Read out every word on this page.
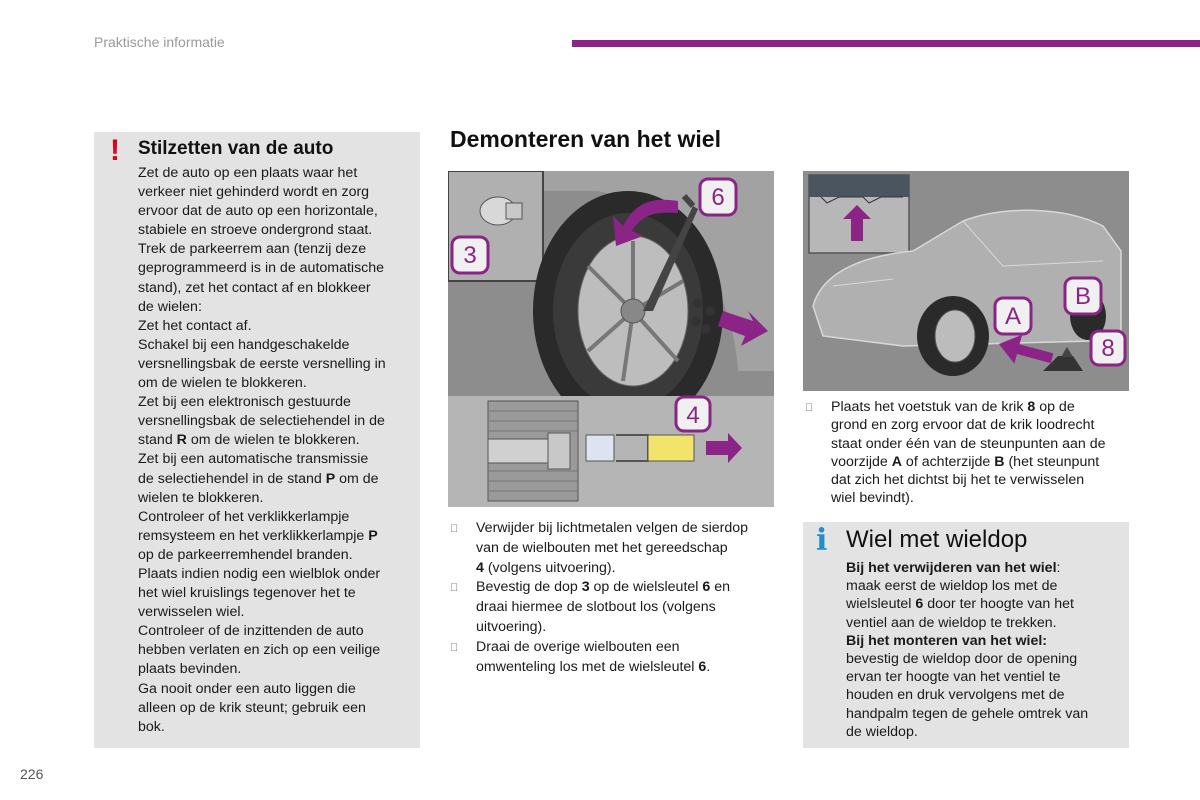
Praktische informatie
! Stilzetten van de auto
Zet de auto op een plaats waar het
verkeer niet gehinderd wordt en zorg
ervoor dat de auto op een horizontale,
stabiele en stroeve ondergrond staat.
Trek de parkeerrem aan (tenzij deze
geprogrammeerd is in de automatische
stand), zet het contact af en blokkeer
de wielen:
Zet het contact af.
Schakel bij een handgeschakelde
versnellingsbak de eerste versnelling in
om de wielen te blokkeren.
Zet bij een elektronisch gestuurde
versnellingsbak de selectiehendel in de
stand R om de wielen te blokkeren.
Zet bij een automatische transmissie
de selectiehendel in de stand P om de
wielen te blokkeren.
Controleer of het verklikkerlampje
remsysteem en het verklikkerlampje P
op de parkeerremhendel branden.
Plaats indien nodig een wielblok onder
het wiel kruislings tegenover het te
verwisselen wiel.
Controleer of de inzittenden de auto
hebben verlaten en zich op een veilige
plaats bevinden.
Ga nooit onder een auto liggen die
alleen op de krik steunt; gebruik een
bok.
Demonteren van het wiel
6
3
4
A
B
8
Verwijder bij lichtmetalen velgen de sierdop
van de wielbouten met het gereedschap
4 (volgens uitvoering).
Bevestig de dop 3 op de wielsleutel 6 en
draai hiermee de slotbout los (volgens
uitvoering).
Draai de overige wielbouten een
omwenteling los met de wielsleutel 6.
Plaats het voetstuk van de krik 8 op de
grond en zorg ervoor dat de krik loodrecht
staat onder één van de steunpunten aan de
voorzijde A of achterzijde B (het steunpunt
dat zich het dichtst bij het te verwisselen
wiel bevindt).
i Wiel met wieldop
Bij het verwijderen van het wiel:
maak eerst de wieldop los met de
wielsleutel 6 door ter hoogte van het
ventiel aan de wieldop te trekken.
Bij het monteren van het wiel:
bevestig de wieldop door de opening
ervan ter hoogte van het ventiel te
houden en druk vervolgens met de
handpalm tegen de gehele omtrek van
de wieldop.
226
